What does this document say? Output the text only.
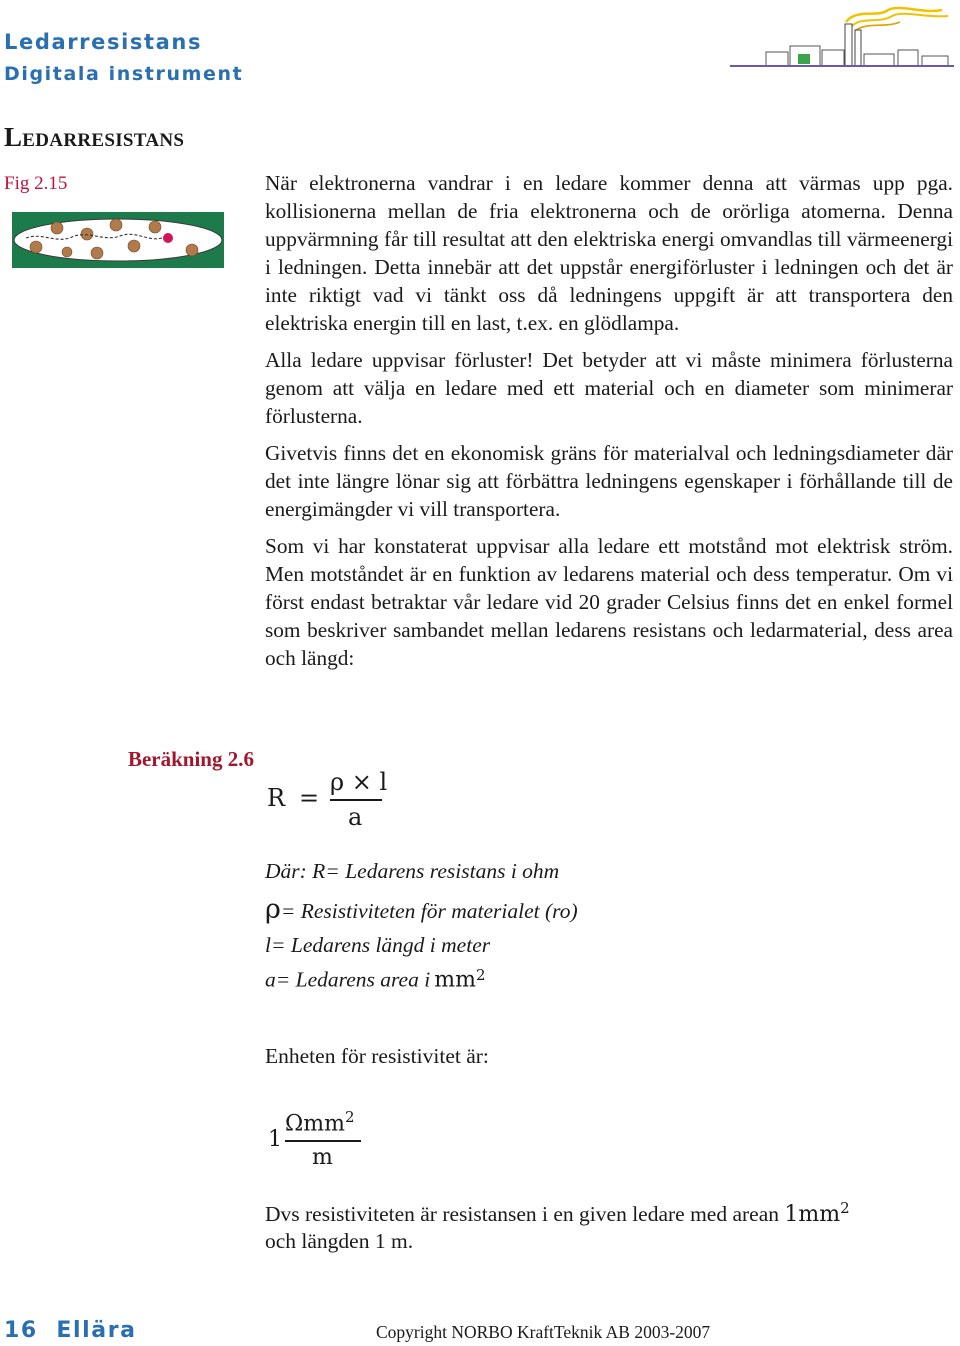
Ledarresistans
Digitala instrument
Ledarresistans
Fig 2.15	När elektronerna vandrar i en ledare kommer denna att värmas upp pga. kollisionerna mellan de fria elektronerna och de orörliga atomerna. Denna uppvärmning får till resultat att den elektriska energi omvandlas till värmeenergi i ledningen. Detta innebär att det uppstår energiförluster i ledningen och det är inte riktigt vad vi tänkt oss då ledningens uppgift är att transportera den elektriska energin till en last, t.ex. en glödlampa.

Alla ledare uppvisar förluster! Det betyder att vi måste minimera förlusterna genom att välja en ledare med ett material och en diameter som minimerar förlusterna.

Givetvis finns det en ekonomisk gräns för materialval och ledningsdiameter där det inte längre lönar sig att förbättra ledningens egenskaper i förhållande till de energimängder vi vill transportera.

Som vi har konstaterat uppvisar alla ledare ett motstånd mot elektrisk ström. Men motståndet är en funktion av ledarens material och dess temperatur. Om vi först endast betraktar vår ledare vid 20 grader Celsius finns det en enkel formel som beskriver sambandet mellan ledarens resistans och ledarmaterial, dess area och längd:

Beräkning 2.6
R =
ρ × l
a
Där: R= Ledarens resistans i ohm
ρ= Resistiviteten för materialet (ro)
l= Ledarens längd i meter
a= Ledarens area i $mm^2$
Enheten för resistivitet är:
1
Ωmm$^2$
m
Dvs resistiviteten är resistansen i en given ledare med arean $1mm^2$
och längden 1 m.
16 Ellära	Copyright NORBO KraftTeknik AB 2003-2007
